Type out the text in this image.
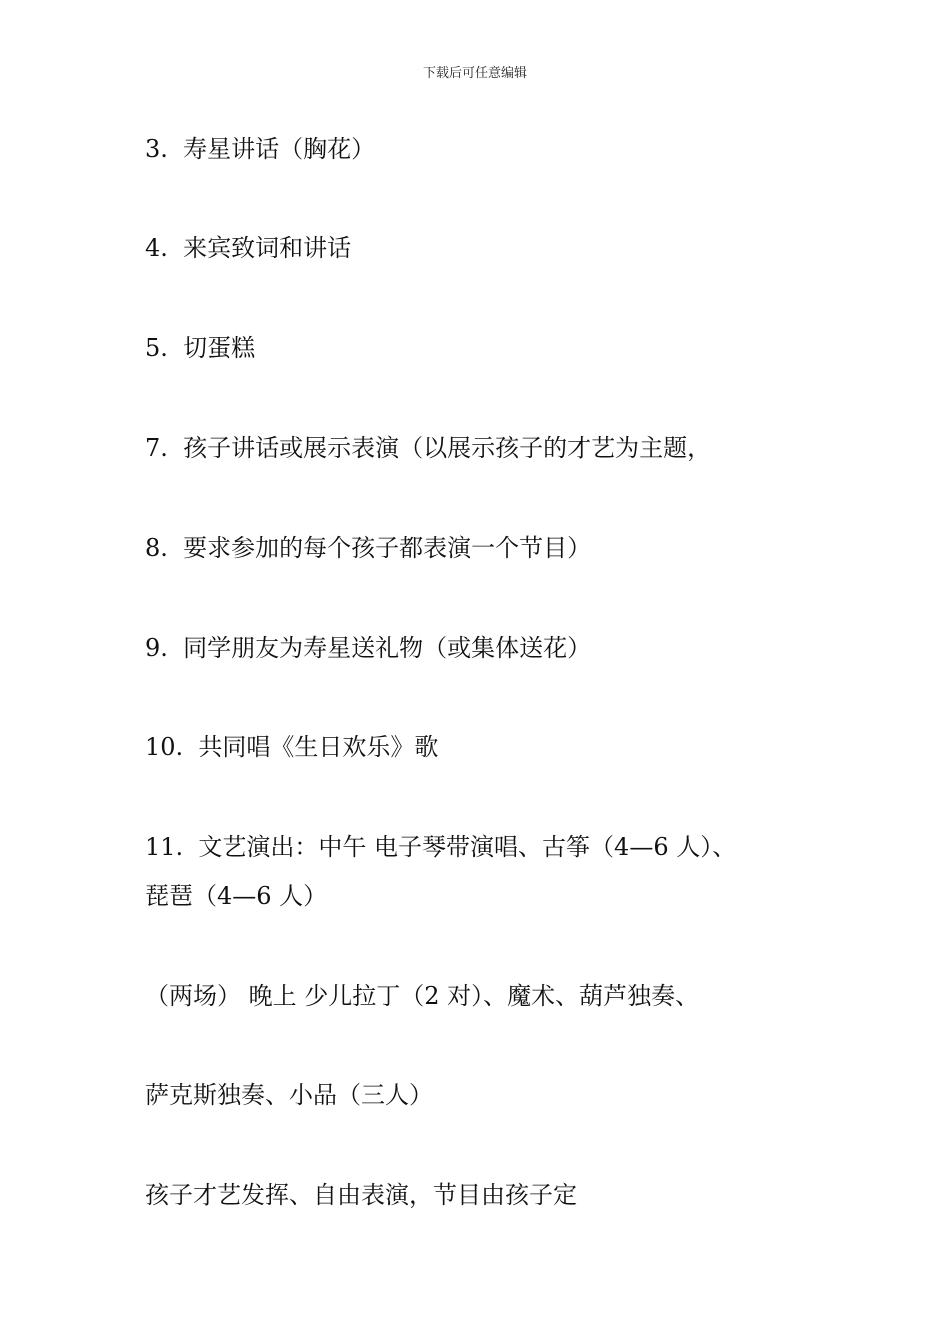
下载后可任意编辑
3.  寿星讲话（胸花）
4.  来宾致词和讲话
5.  切蛋糕
7.  孩子讲话或展示表演（以展示孩子的才艺为主题，
8.  要求参加的每个孩子都表演一个节目）
9.  同学朋友为寿星送礼物（或集体送花）
10.  共同唱《生日欢乐》歌
11.  文艺演出：中午 电子琴带演唱、古筝（4—6 人）、
琵琶（4—6 人）
（两场） 晚上 少儿拉丁（2 对）、魔术、葫芦独奏、
萨克斯独奏、小品（三人）
孩子才艺发挥、自由表演，节目由孩子定
